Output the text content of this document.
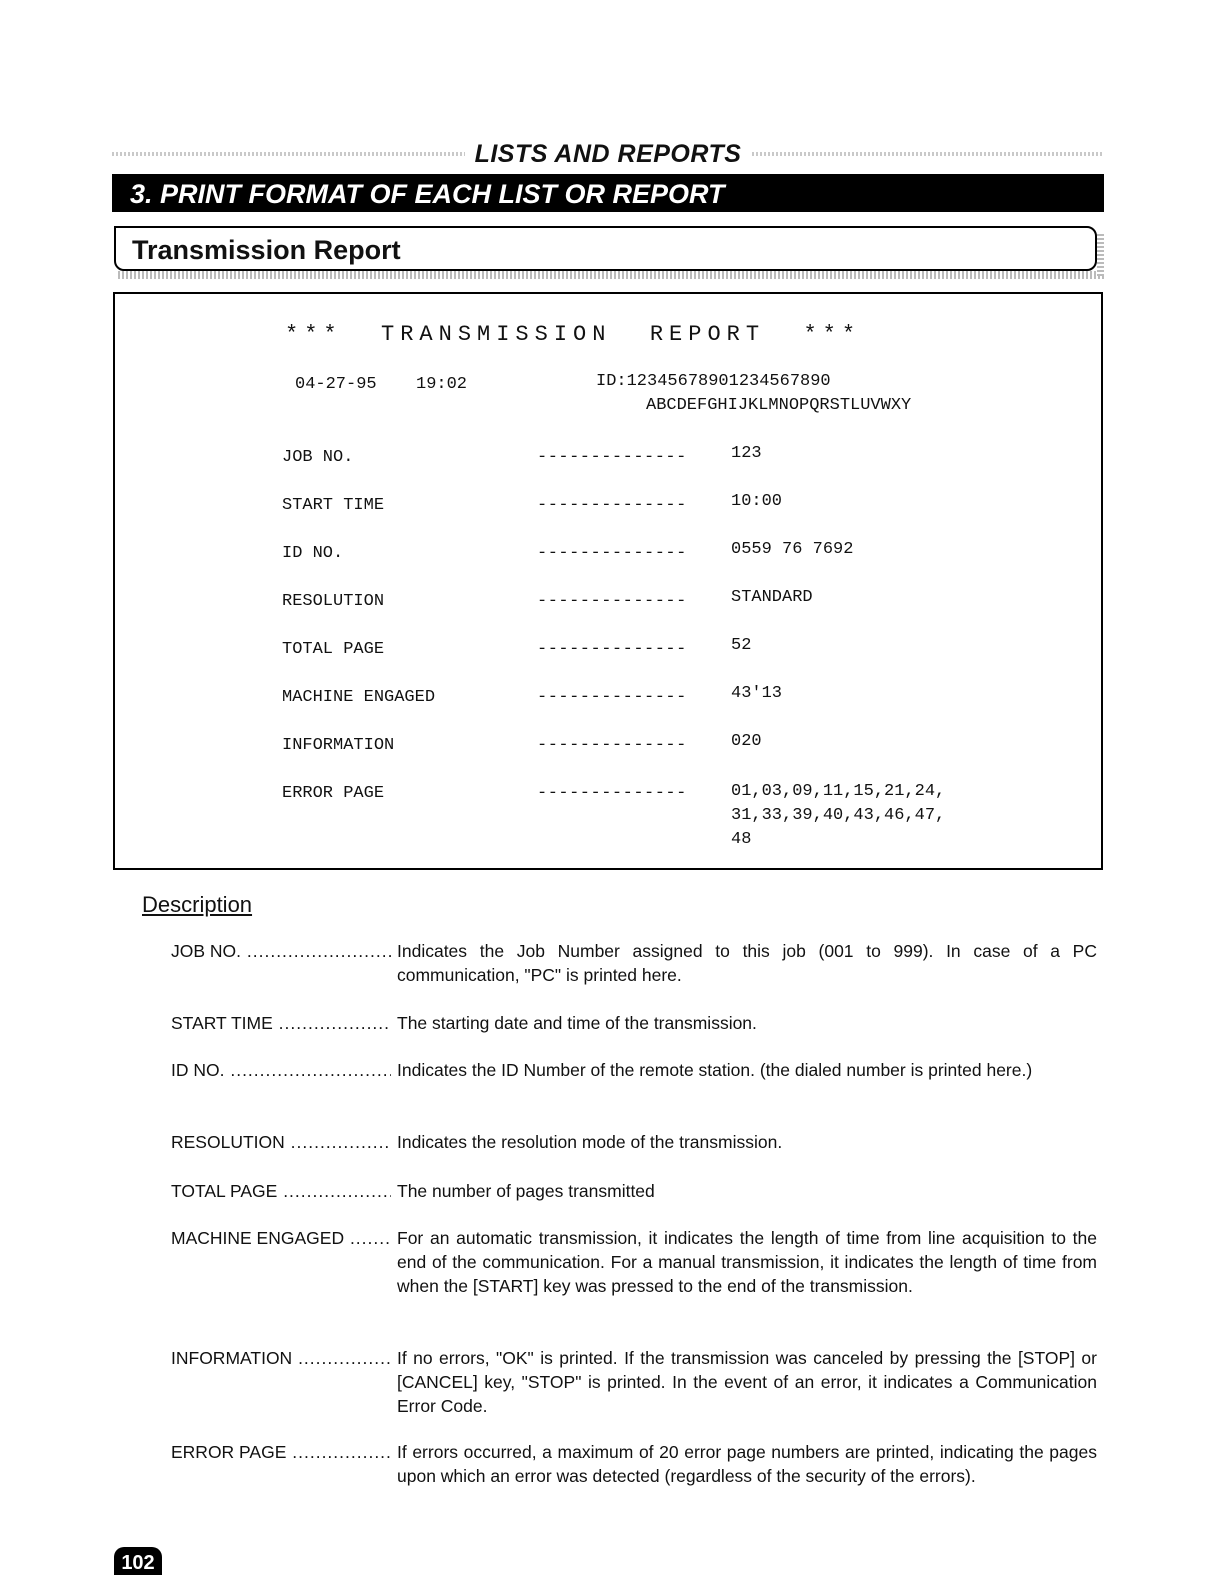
LISTS AND REPORTS
3. PRINT FORMAT OF EACH LIST OR REPORT
Transmission Report
***  TRANSMISSION  REPORT  ***
04-27-95 19:02	ID:12345678901234567890
ABCDEFGHIJKLMNOPQRSTLUVWXY
JOB NO.	--------------	123
START TIME	--------------	10:00
ID NO.	--------------	0559 76 7692
RESOLUTION	--------------	STANDARD
TOTAL PAGE	--------------	52
MACHINE ENGAGED	--------------	43'13
INFORMATION	--------------	020
ERROR PAGE	--------------	01,03,09,11,15,21,24,
31,33,39,40,43,46,47,
48
Description
JOB NO. .....	Indicates the Job Number assigned to this job (001 to 999). In case of a PC communication, "PC" is printed here.
START TIME .....	The starting date and time of the transmission.
ID NO. .....	Indicates the ID Number of the remote station. (the dialed number is printed here.)
RESOLUTION .....	Indicates the resolution mode of the transmission.
TOTAL PAGE .....	The number of pages transmitted
MACHINE ENGAGED .....	For an automatic transmission, it indicates the length of time from line acquisition to the end of the communication. For a manual transmission, it indicates the length of time from when the [START] key was pressed to the end of the transmission.
INFORMATION .....	If no errors, "OK" is printed. If the transmission was canceled by pressing the [STOP] or [CANCEL] key, "STOP" is printed. In the event of an error, it indicates a Communication Error Code.
ERROR PAGE .....	If errors occurred, a maximum of 20 error page numbers are printed, indicating the pages upon which an error was detected (regardless of the security of the errors).
102
